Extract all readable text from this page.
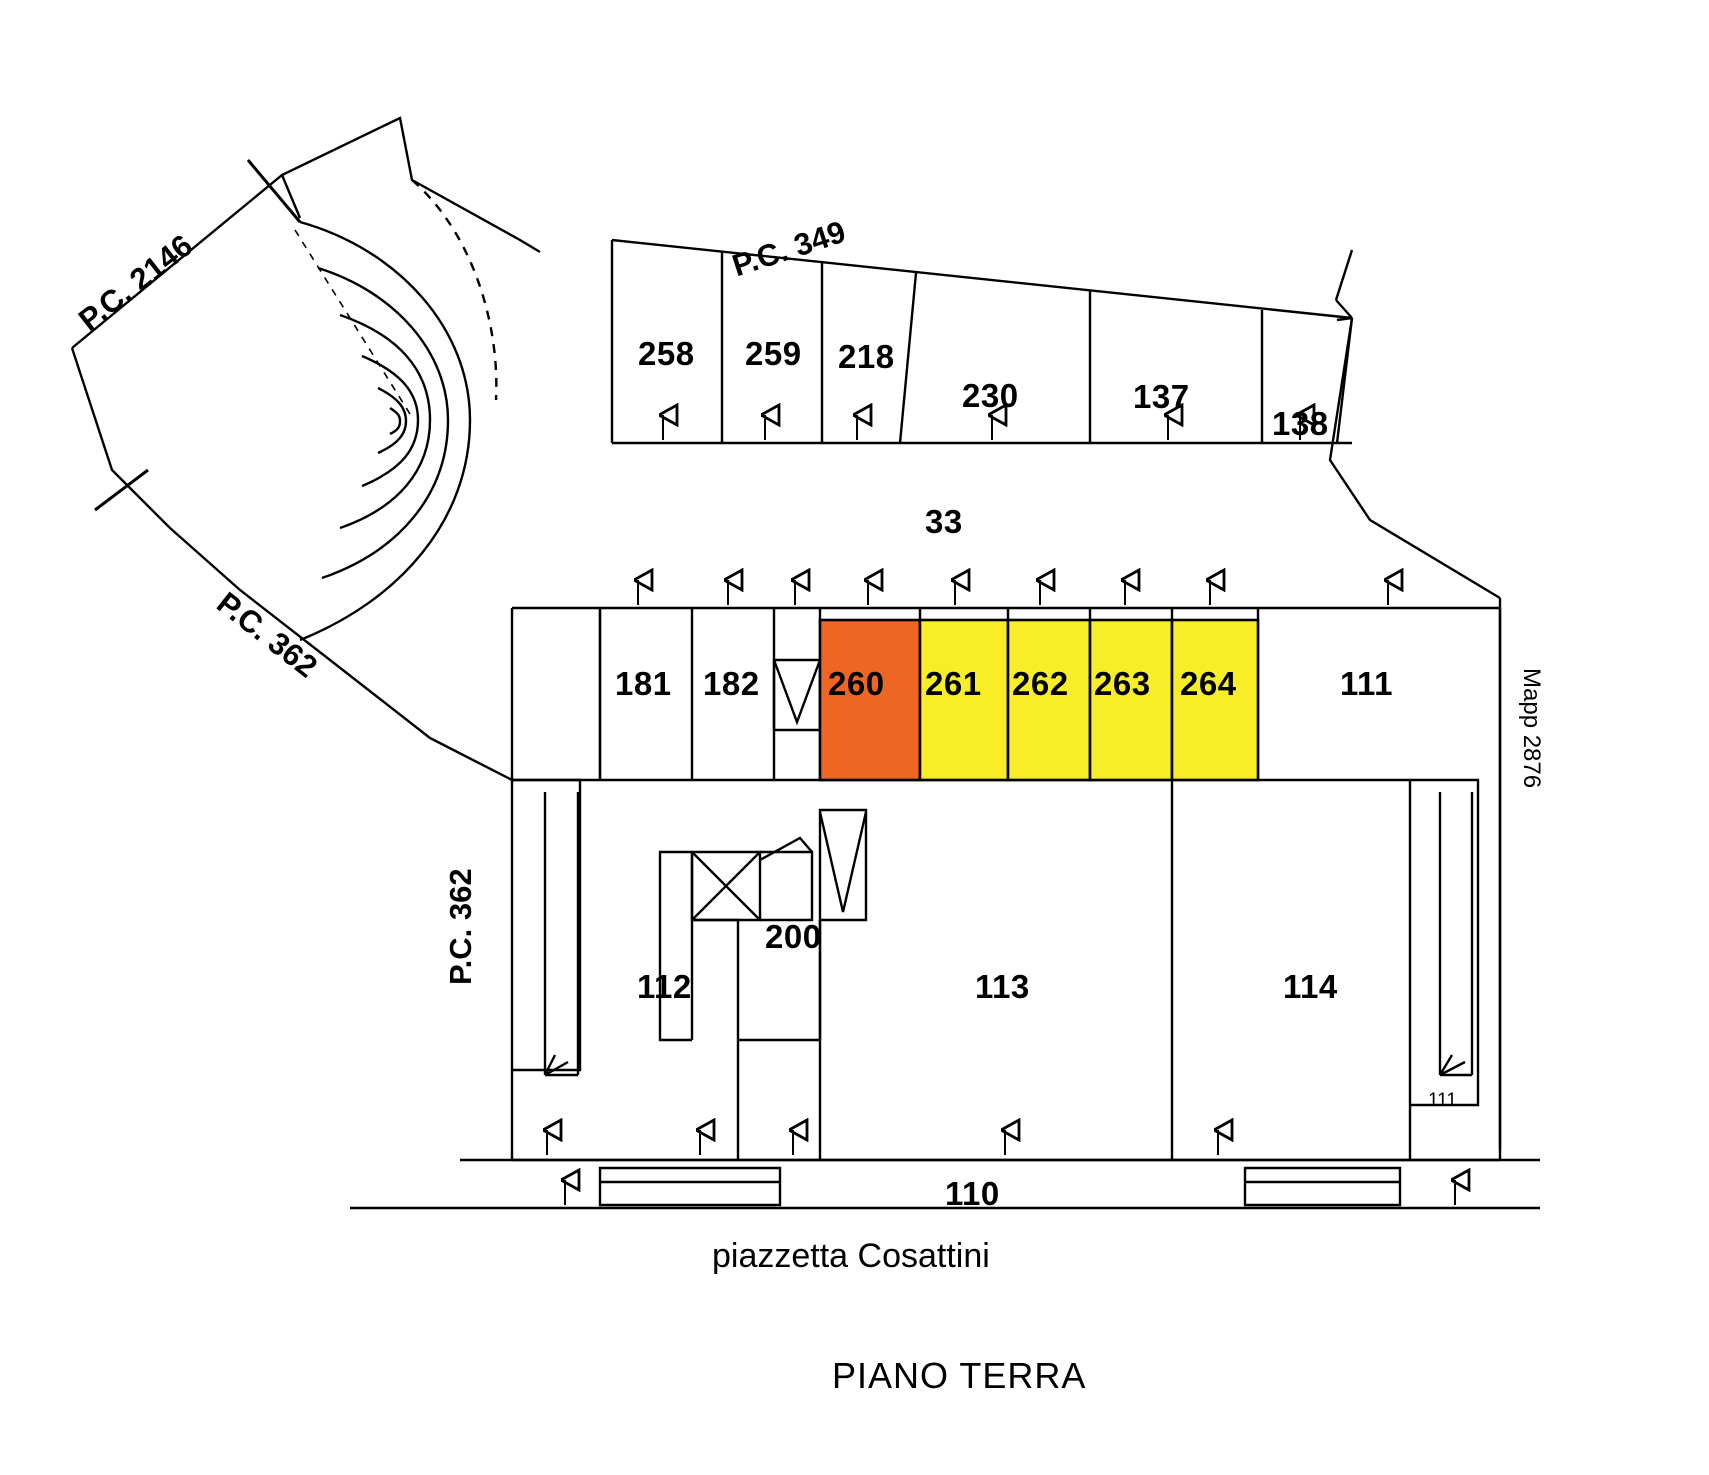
P.C. 2146	P.C. 349
P.C. 362
P.C. 362
Mapp 2876
258 259 218
230	137
138
33
181 182 260 261 262 263 264	111
112
200
113	114
111
110
piazzetta Cosattini
PIANO TERRA
